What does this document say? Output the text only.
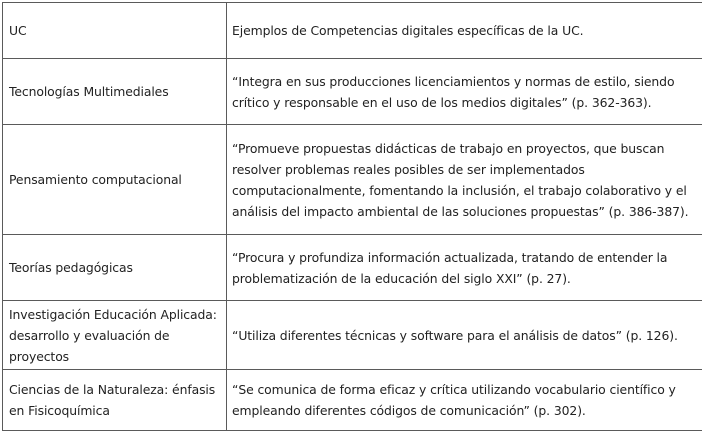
UC	Ejemplos de Competencias digitales específicas de la UC.
Tecnologías Multimediales	“Integra en sus producciones licenciamientos y normas de estilo, siendo crítico y responsable en el uso de los medios digitales” (p. 362-363).
Pensamiento computacional	“Promueve propuestas didácticas de trabajo en proyectos, que buscan resolver problemas reales posibles de ser implementados computacionalmente, fomentando la inclusión, el trabajo colaborativo y el análisis del impacto ambiental de las soluciones propuestas” (p. 386-387).
Teorías pedagógicas	“Procura y profundiza información actualizada, tratando de entender la problematización de la educación del siglo XXI” (p. 27).
Investigación Educación Aplicada: desarrollo y evaluación de proyectos	“Utiliza diferentes técnicas y software para el análisis de datos” (p. 126).
Ciencias de la Naturaleza: énfasis en Fisicoquímica	“Se comunica de forma eficaz y crítica utilizando vocabulario científico y empleando diferentes códigos de comunicación” (p. 302).
